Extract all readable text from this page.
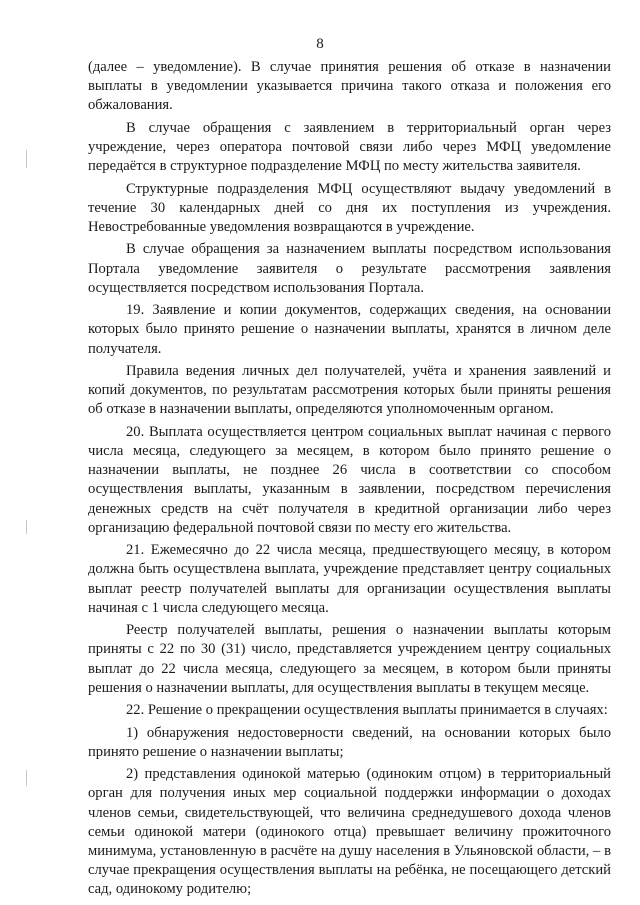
8

(далее – уведомление). В случае принятия решения об отказе в назначении выплаты в уведомлении указывается причина такого отказа и положения его обжалования.

В случае обращения с заявлением в территориальный орган через учреждение, через оператора почтовой связи либо через МФЦ уведомление передаётся в структурное подразделение МФЦ по месту жительства заявителя.

Структурные подразделения МФЦ осуществляют выдачу уведомлений в течение 30 календарных дней со дня их поступления из учреждения. Невостребованные уведомления возвращаются в учреждение.

В случае обращения за назначением выплаты посредством использования Портала уведомление заявителя о результате рассмотрения заявления осуществляется посредством использования Портала.

19. Заявление и копии документов, содержащих сведения, на основании которых было принято решение о назначении выплаты, хранятся в личном деле получателя.

Правила ведения личных дел получателей, учёта и хранения заявлений и копий документов, по результатам рассмотрения которых были приняты решения об отказе в назначении выплаты, определяются уполномоченным органом.

20. Выплата осуществляется центром социальных выплат начиная с первого числа месяца, следующего за месяцем, в котором было принято решение о назначении выплаты, не позднее 26 числа в соответствии со способом осуществления выплаты, указанным в заявлении, посредством перечисления денежных средств на счёт получателя в кредитной организации либо через организацию федеральной почтовой связи по месту его жительства.

21. Ежемесячно до 22 числа месяца, предшествующего месяцу, в котором должна быть осуществлена выплата, учреждение представляет центру социальных выплат реестр получателей выплаты для организации осуществления выплаты начиная с 1 числа следующего месяца.

Реестр получателей выплаты, решения о назначении выплаты которым приняты с 22 по 30 (31) число, представляется учреждением центру социальных выплат до 22 числа месяца, следующего за месяцем, в котором были приняты решения о назначении выплаты, для осуществления выплаты в текущем месяце.

22. Решение о прекращении осуществления выплаты принимается в случаях:

1) обнаружения недостоверности сведений, на основании которых было принято решение о назначении выплаты;

2) представления одинокой матерью (одиноким отцом) в территориальный орган для получения иных мер социальной поддержки информации о доходах членов семьи, свидетельствующей, что величина среднедушевого дохода членов семьи одинокой матери (одинокого отца) превышает величину прожиточного минимума, установленную в расчёте на душу населения в Ульяновской области, – в случае прекращения осуществления выплаты на ребёнка, не посещающего детский сад, одинокому родителю;
